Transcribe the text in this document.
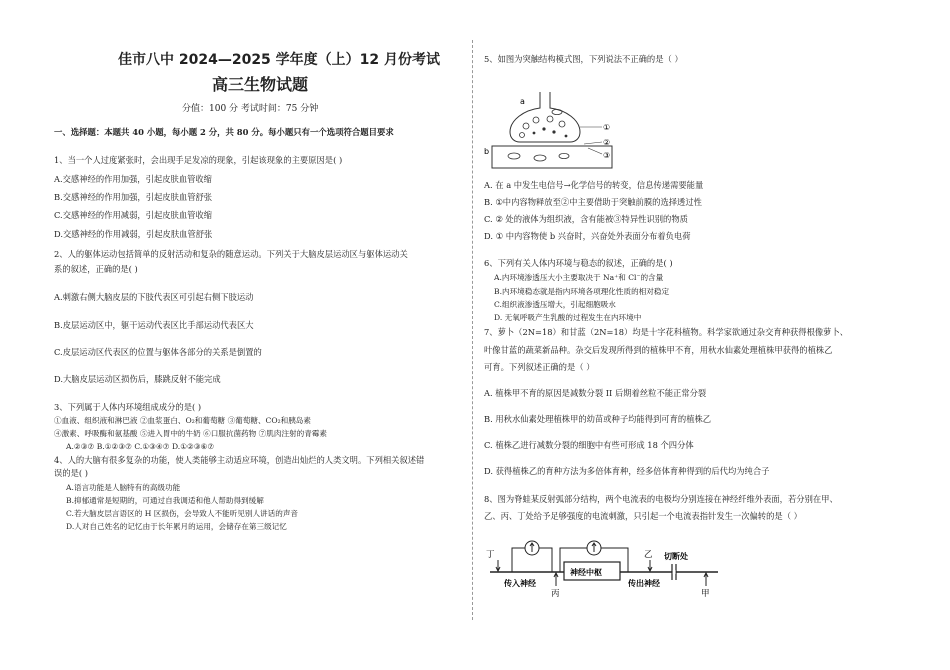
佳市八中 2024—2025 学年度（上）12 月份考试
高三生物试题
分值：100 分 考试时间：75 分钟
一、选择题：本题共 40 小题，每小题 2 分，共 80 分。每小题只有一个选项符合题目要求
1、当一个人过度紧张时，会出现手足发凉的现象，引起该现象的主要原因是( )
A.交感神经的作用加强，引起皮肤血管收缩
B.交感神经的作用加强，引起皮肤血管舒张
C.交感神经的作用减弱，引起皮肤血管收缩
D.交感神经的作用减弱，引起皮肤血管舒张
2、人的躯体运动包括简单的反射活动和复杂的随意运动。下列关于大脑皮层运动区与躯体运动关
系的叙述，正确的是( )
A.刺激右侧大脑皮层的下肢代表区可引起右侧下肢运动
B.皮层运动区中，躯干运动代表区比手部运动代表区大
C.皮层运动区代表区的位置与躯体各部分的关系是倒置的
D.大脑皮层运动区损伤后，膝跳反射不能完成
3、下列属于人体内环境组成成分的是( )
①血液、组织液和淋巴液 ②血浆蛋白、O₂和葡萄糖 ③葡萄糖、CO₂和胰岛素
④激素、呼吸酶和氨基酸 ⑤进入胃中的牛奶 ⑥口服抗菌药物 ⑦肌肉注射的青霉素
A.②③⑦ B.①②③⑦ C.①③④⑦ D.①②③⑥⑦
4、人的大脑有很多复杂的功能，使人类能够主动适应环境，创造出灿烂的人类文明。下列相关叙述错
误的是( )
A.语言功能是人脑特有的高级功能
B.抑郁通常是短期的，可通过自我调适和他人帮助得到缓解
C.若大脑皮层言语区的 H 区损伤，会导致人不能听见别人讲话的声音
D.人对自己姓名的记忆由于长年累月的运用，会储存在第三级记忆
5、如图为突触结构模式图，下列说法不正确的是（ ）
a
b
①
②
③
A. 在 a 中发生电信号→化学信号的转变，信息传递需要能量
B. ①中内容物释放至②中主要借助于突触前膜的选择透过性
C. ② 处的液体为组织液，含有能被③特异性识别的物质
D. ① 中内容物使 b 兴奋时，兴奋处外表面分布着负电荷
6、下列有关人体内环境与稳态的叙述，正确的是( )
A.内环境渗透压大小主要取决于 Na⁺和 Cl⁻的含量
B.内环境稳态就是指内环境各项理化性质的相对稳定
C.组织液渗透压增大，引起细胞吸水
D. 无氧呼吸产生乳酸的过程发生在内环境中
7、萝卜（2N=18）和甘蓝（2N=18）均是十字花科植物。科学家欲通过杂交育种获得根像萝卜、
叶像甘蓝的蔬菜新品种。杂交后发现所得到的植株甲不育，用秋水仙素处理植株甲获得的植株乙
可育。下列叙述正确的是（ ）
A. 植株甲不育的原因是减数分裂 II 后期着丝粒不能正常分裂
B. 用秋水仙素处理植株甲的幼苗或种子均能得到可育的植株乙
C. 植株乙进行减数分裂的细胞中有些可形成 18 个四分体
D. 获得植株乙的育种方法为多倍体育种，经多倍体育种得到的后代均为纯合子
8、图为脊蛙某反射弧部分结构，两个电流表的电极均分别连接在神经纤维外表面，若分别在甲、
乙、丙、丁处给予足够强度的电流刺激，只引起一个电流表指针发生一次偏转的是（ ）
丁
神经中枢
乙 切断处
传入神经	传出神经
丙	甲
